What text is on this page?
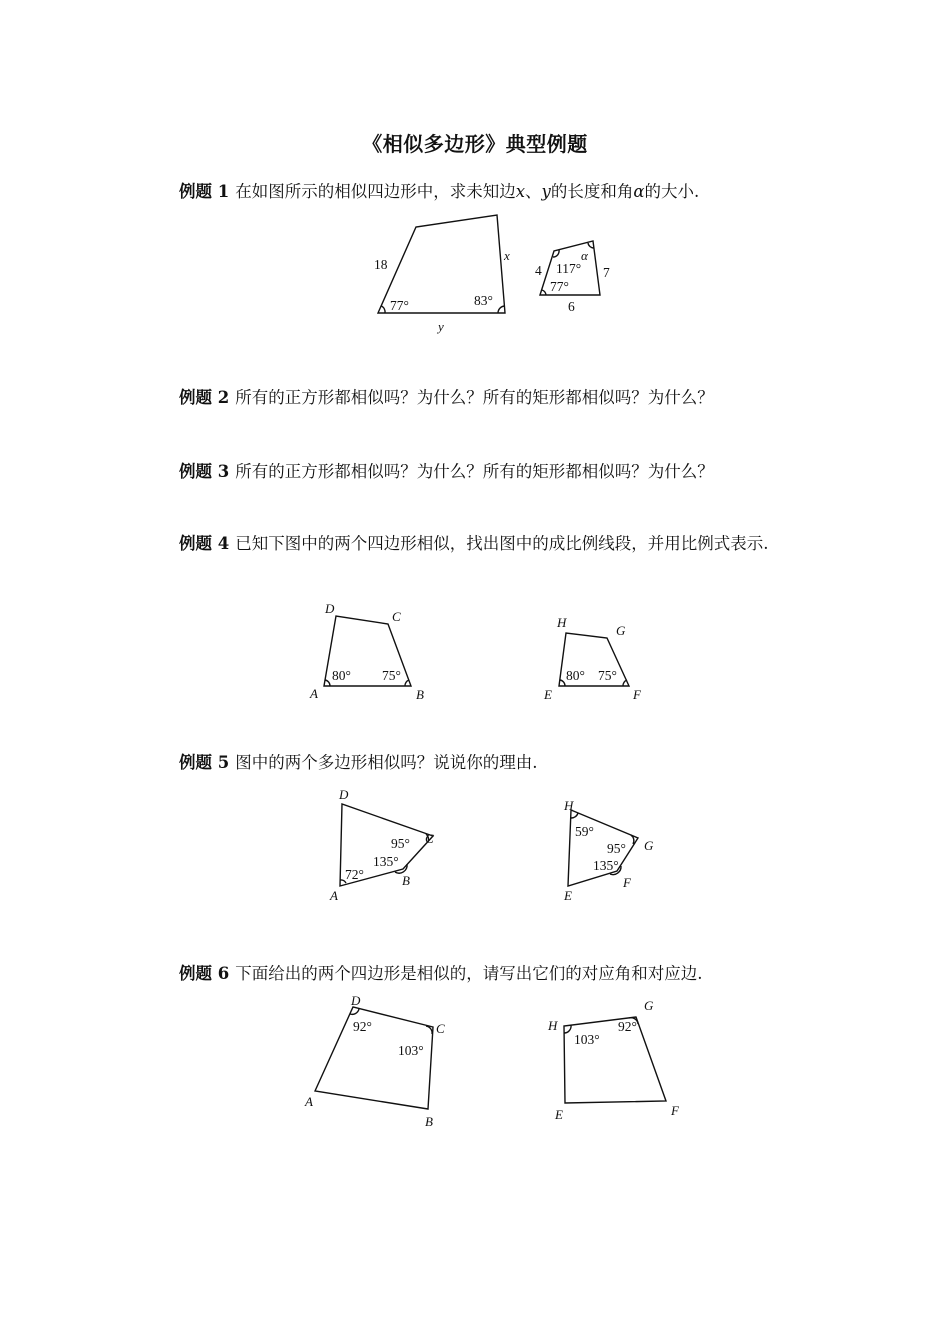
《相似多边形》典型例题
例题 1 在如图所示的相似四边形中，求未知边x、y的长度和角α的大小.
18
x
y
77°	83°
4	7
6
117°
77°
α
例题 2 所有的正方形都相似吗？为什么？所有的矩形都相似吗？为什么？
例题 3 所有的正方形都相似吗？为什么？所有的矩形都相似吗？为什么？
例题 4 已知下图中的两个四边形相似，找出图中的成比例线段，并用比例式表示.
A	B
C
D
80° 75°
E	F
G
H
80° 75°
例题 5 图中的两个多边形相似吗？说说你的理由.
A
B
C
D
72°
135°
95°
E
F
G
H
59°
135°
95°
例题 6 下面给出的两个四边形是相似的，请写出它们的对应角和对应边.
A
B
C
D
92°
103°
E	F
G
H
103°
92°
